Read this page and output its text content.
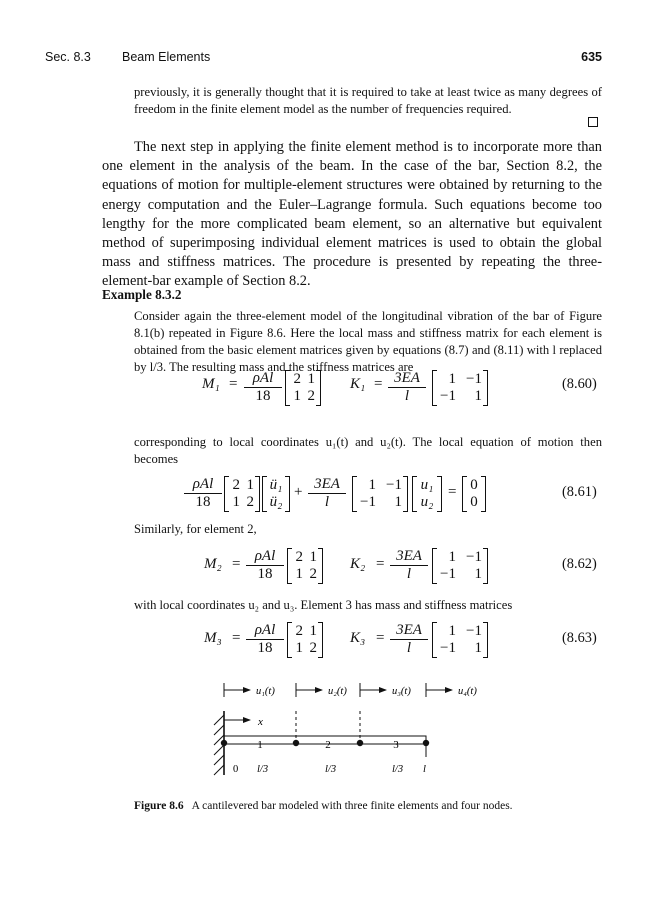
Sec. 8.3 Beam Elements	635
previously, it is generally thought that it is required to take at least twice as many degrees of freedom in the finite element model as the number of frequencies required.
The next step in applying the finite element method is to incorporate more than one element in the analysis of the beam. In the case of the bar, Section 8.2, the equations of motion for multiple-element structures were obtained by returning to the energy computation and the Euler–Lagrange formula. Such equations become too lengthy for the more complicated beam element, so an alternative but equivalent method of superimposing individual element matrices is used to obtain the global mass and stiffness matrices. The procedure is presented by repeating the three-element-bar example of Section 8.2.
Example 8.3.2
Consider again the three-element model of the longitudinal vibration of the bar of Figure 8.1(b) repeated in Figure 8.6. Here the local mass and stiffness matrix for each element is obtained from the basic element matrices given by equations (8.7) and (8.11) with l replaced by l/3. The resulting mass and the stiffness matrices are
M₁ =	ρAl
18
2 1
1 2
$K_1 = \frac{3EA}{l}$	1 −1
−1	1
(8.60)
corresponding to local coordinates u₁(t) and u₂(t). The local equation of motion then becomes
ρAl
18
2 1
1 2
ü₁
ü₂
+ $\frac{3EA}{l}$	1 −1
−1	1
u₁
u₂
= 0
0
(8.61)
Similarly, for element 2,
M₂ = ρAl
18
2 1
1 2
$K_2 = \frac{3EA}{l}$	1 −1
−1	1
(8.62)
with local coordinates u₂ and u₃. Element 3 has mass and stiffness matrices
M₃ = ρAl
18
2 1
1 2
$K_3 = \frac{3EA}{l}$	1 −1
−1	1
(8.63)
u₁(t)	u₂(t)	u₃(t)	u₄(t)
x
1	2	3
0 l/3	l/3	l/3 l
Figure 8.6 A cantilevered bar modeled with three finite elements and four nodes.
